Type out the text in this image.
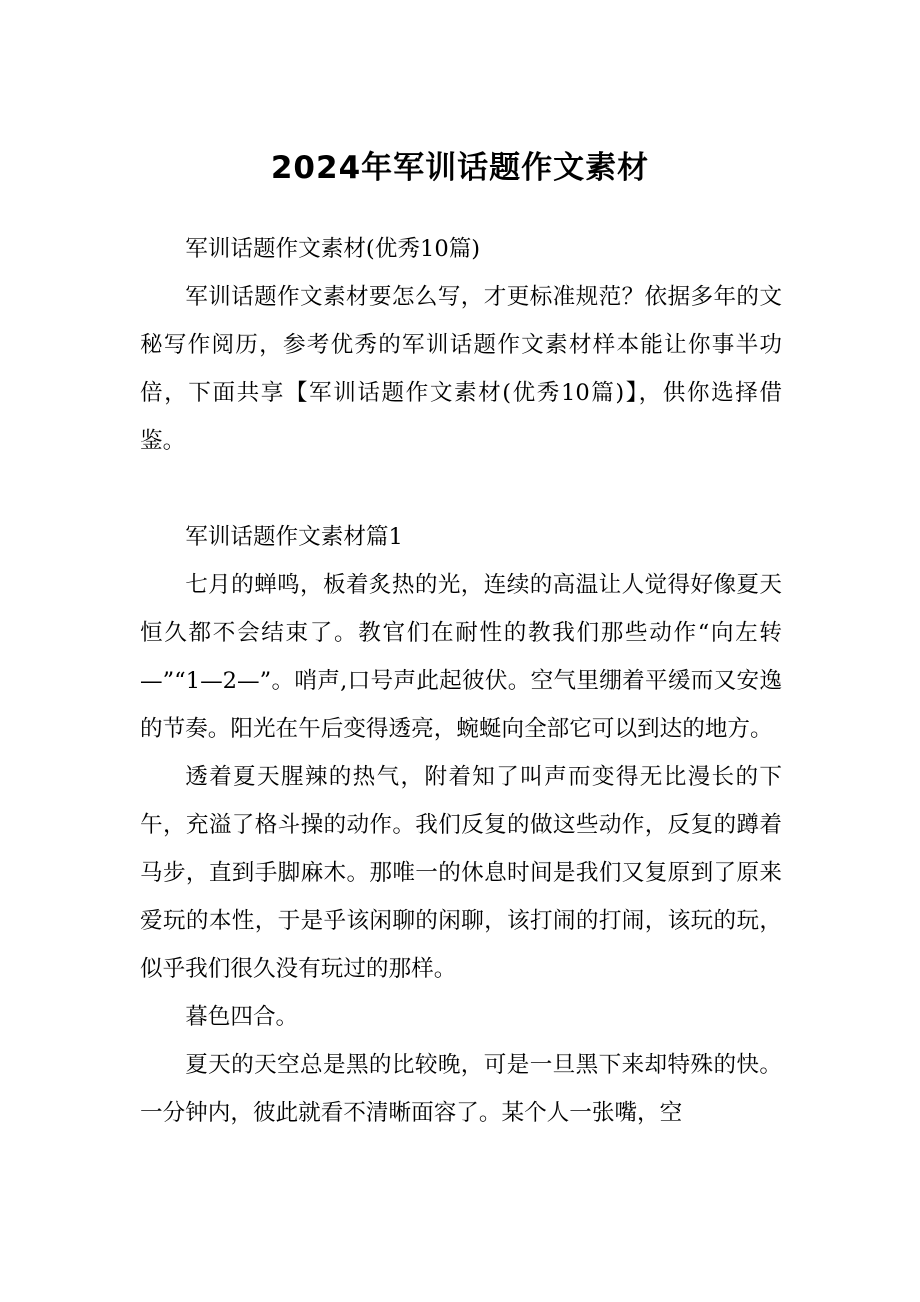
2024年军训话题作文素材

军训话题作文素材(优秀10篇)

军训话题作文素材要怎么写，才更标准规范？依据多年的文秘写作阅历，参考优秀的军训话题作文素材样本能让你事半功倍，下面共享【军训话题作文素材(优秀10篇)】，供你选择借鉴。

军训话题作文素材篇1

七月的蝉鸣，板着炙热的光，连续的高温让人觉得好像夏天恒久都不会结束了。教官们在耐性的教我们那些动作“向左转—”“1—2—”。哨声,口号声此起彼伏。空气里绷着平缓而又安逸的节奏。阳光在午后变得透亮，蜿蜒向全部它可以到达的地方。

透着夏天腥辣的热气，附着知了叫声而变得无比漫长的下午，充溢了格斗操的动作。我们反复的做这些动作，反复的蹲着马步，直到手脚麻木。那唯一的休息时间是我们又复原到了原来爱玩的本性，于是乎该闲聊的闲聊，该打闹的打闹，该玩的玩，似乎我们很久没有玩过的那样。

暮色四合。

夏天的天空总是黑的比较晚，可是一旦黑下来却特殊的快。一分钟内，彼此就看不清晰面容了。某个人一张嘴，空
